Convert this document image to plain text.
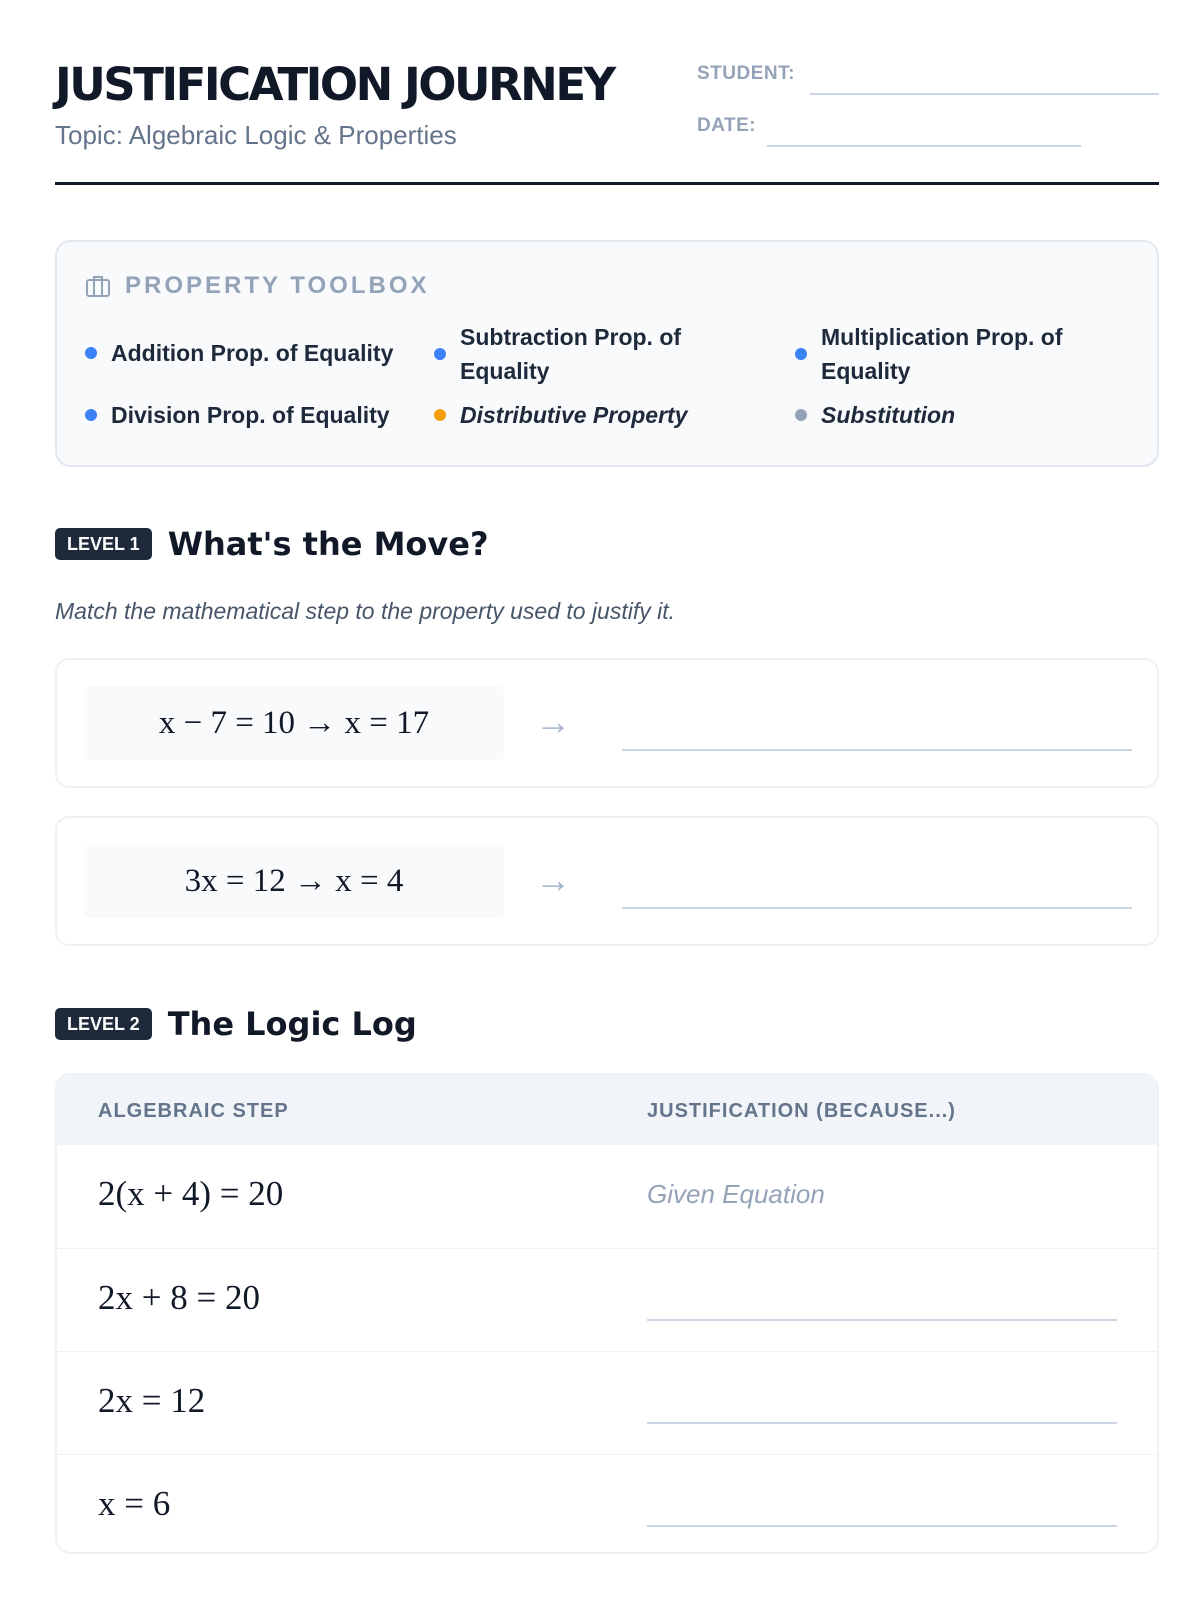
JUSTIFICATION JOURNEY
Topic: Algebraic Logic & Properties
STUDENT:
DATE:
PROPERTY TOOLBOX
Addition Prop. of Equality
Subtraction Prop. of Equality
Multiplication Prop. of Equality
Division Prop. of Equality	Distributive Property	Substitution
LEVEL 1 What's the Move?
Match the mathematical step to the property used to justify it.
x − 7 = 10 → x = 17	→
3x = 12 → x = 4	→
LEVEL 2 The Logic Log
ALGEBRAIC STEP	JUSTIFICATION (BECAUSE...)
2(x + 4) = 20	Given Equation
2x + 8 = 20
2x = 12
x = 6
